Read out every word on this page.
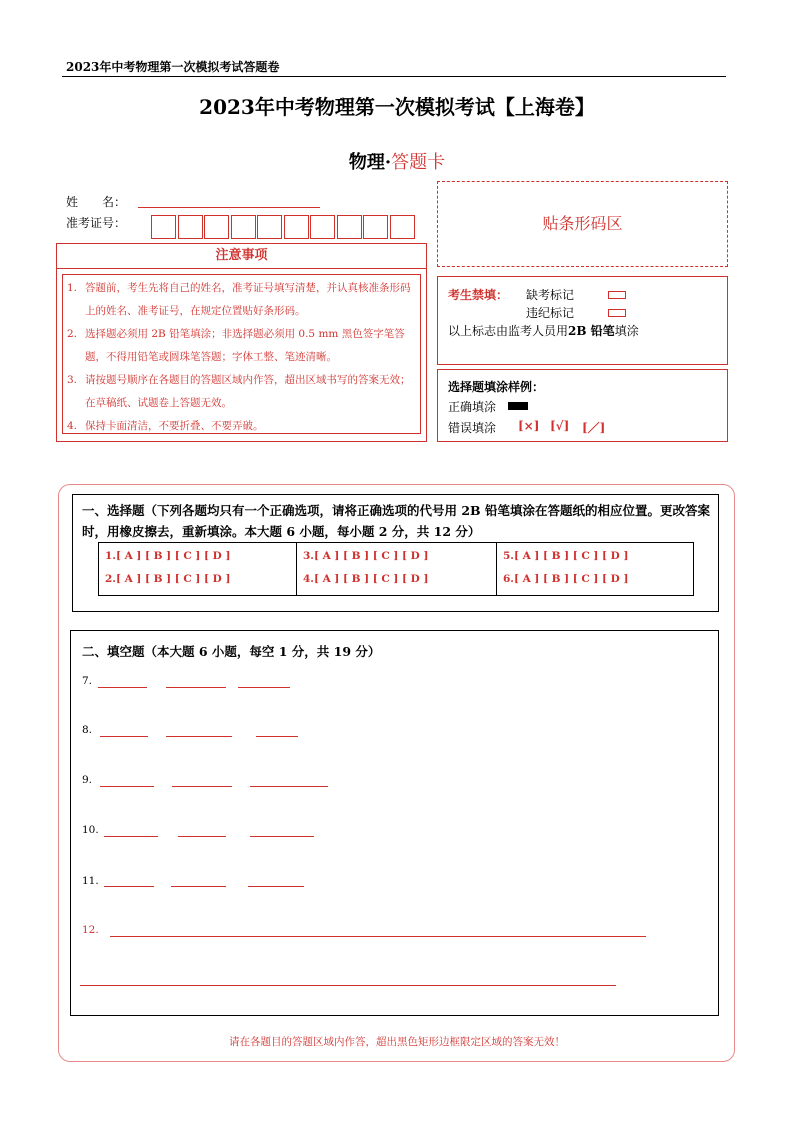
2023年中考物理第一次模拟考试答题卷
2023年中考物理第一次模拟考试【上海卷】
物理·答题卡
姓　　名：
准考证号：
注意事项
1. 答题前，考生先将自己的姓名，准考证号填写清楚，并认真核准条形码上的姓名、准考证号，在规定位置贴好条形码。
2. 选择题必须用 2B 铅笔填涂；非选择题必须用 0.5 mm 黑色签字笔答题，不得用铅笔或圆珠笔答题；字体工整、笔迹清晰。
3. 请按题号顺序在各题目的答题区域内作答，超出区域书写的答案无效；在草稿纸、试题卷上答题无效。
4. 保持卡面清洁，不要折叠、不要弄破。
贴条形码区
考生禁填： 缺考标记
违纪标记
以上标志由监考人员用2B 铅笔填涂
选择题填涂样例：
正确填涂
错误填涂 [×] [√] [／]
一、选择题（下列各题均只有一个正确选项，请将正确选项的代号用 2B 铅笔填涂在答题纸的相应位置。更改答案时，用橡皮擦去，重新填涂。本大题 6 小题，每小题 2 分，共 12 分）
1.[ A ] [ B ] [ C ] [ D ]
2.[ A ] [ B ] [ C ] [ D ]
3.[ A ] [ B ] [ C ] [ D ]
4.[ A ] [ B ] [ C ] [ D ]
5.[ A ] [ B ] [ C ] [ D ]
6.[ A ] [ B ] [ C ] [ D ]
二、填空题（本大题 6 小题，每空 1 分，共 19 分）
7.
8.
9.
10.
11.
12.
请在各题目的答题区域内作答，超出黑色矩形边框限定区域的答案无效！
